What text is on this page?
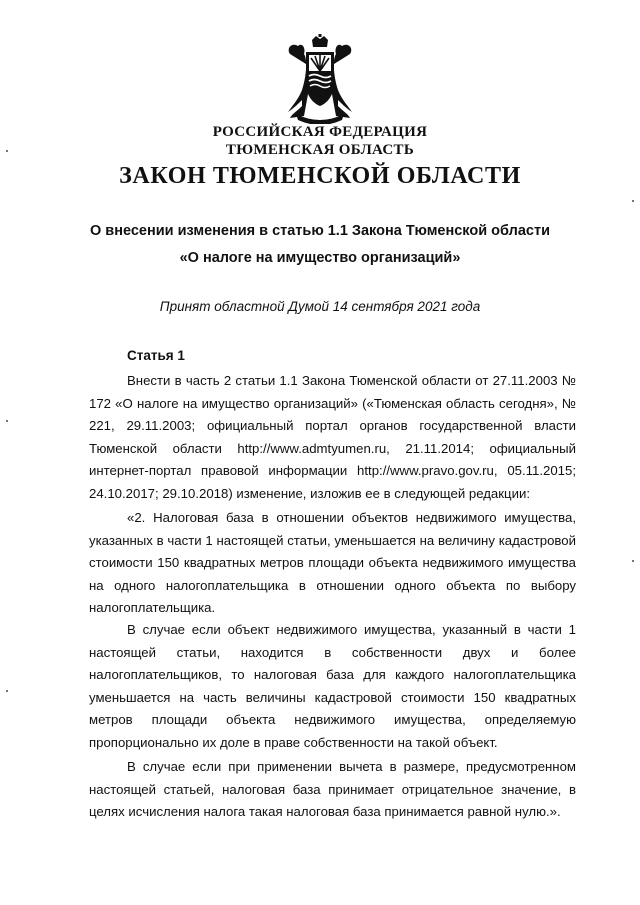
РОССИЙСКАЯ ФЕДЕРАЦИЯ
ТЮМЕНСКАЯ ОБЛАСТЬ
ЗАКОН ТЮМЕНСКОЙ ОБЛАСТИ
О внесении изменения в статью 1.1 Закона Тюменской области
«О налоге на имущество организаций»
Принят областной Думой 14 сентября 2021 года
Статья 1

Внести в часть 2 статьи 1.1 Закона Тюменской области от 27.11.2003 № 172 «О налоге на имущество организаций» («Тюменская область сегодня», № 221, 29.11.2003; официальный портал органов государственной власти Тюменской области http://www.admtyumen.ru, 21.11.2014; официальный интернет-портал правовой информации http://www.pravo.gov.ru, 05.11.2015; 24.10.2017; 29.10.2018) изменение, изложив ее в следующей редакции:

«2. Налоговая база в отношении объектов недвижимого имущества, указанных в части 1 настоящей статьи, уменьшается на величину кадастровой стоимости 150 квадратных метров площади объекта недвижимого имущества на одного налогоплательщика в отношении одного объекта по выбору налогоплательщика.

В случае если объект недвижимого имущества, указанный в части 1 настоящей статьи, находится в собственности двух и более налогоплательщиков, то налоговая база для каждого налогоплательщика уменьшается на часть величины кадастровой стоимости 150 квадратных метров площади объекта недвижимого имущества, определяемую пропорционально их доле в праве собственности на такой объект.

В случае если при применении вычета в размере, предусмотренном настоящей статьей, налоговая база принимает отрицательное значение, в целях исчисления налога такая налоговая база принимается равной нулю.».
